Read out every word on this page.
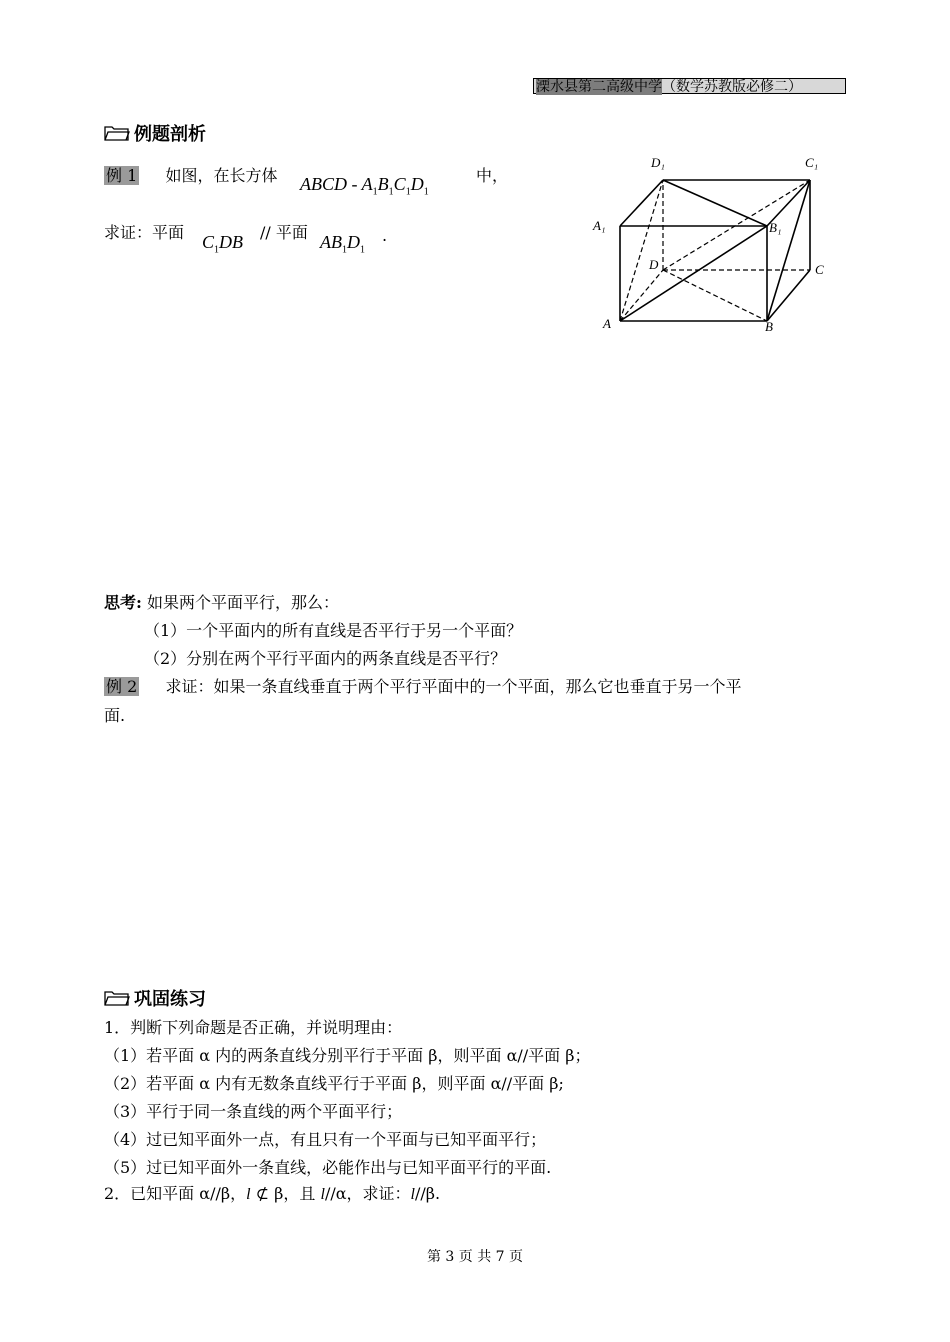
溧水县第二高级中学（数学苏教版必修二）
例题剖析
例 1 如图，在长方体 ABCD - $A_1B_1C_1D_1$
中，
求证：平面 $C_1DB$ // 平面 $AB_1D_1$
.
D₁	C₁
A₁	B₁
D	C
A	B
思考: 如果两个平面平行，那么：
（1）一个平面内的所有直线是否平行于另一个平面？
（2）分别在两个平行平面内的两条直线是否平行？
例 2 求证：如果一条直线垂直于两个平行平面中的一个平面，那么它也垂直于另一个平
面.
巩固练习
1．判断下列命题是否正确，并说明理由：
（1）若平面 α 内的两条直线分别平行于平面 β，则平面 α//平面 β；
（2）若平面 α 内有无数条直线平行于平面 β，则平面 α//平面 β;
（3）平行于同一条直线的两个平面平行；
（4）过已知平面外一点，有且只有一个平面与已知平面平行；
（5）过已知平面外一条直线，必能作出与已知平面平行的平面.
2．已知平面 α//β，l ⊄ β，且 l//α，求证：l//β.
第 3 页 共 7 页
